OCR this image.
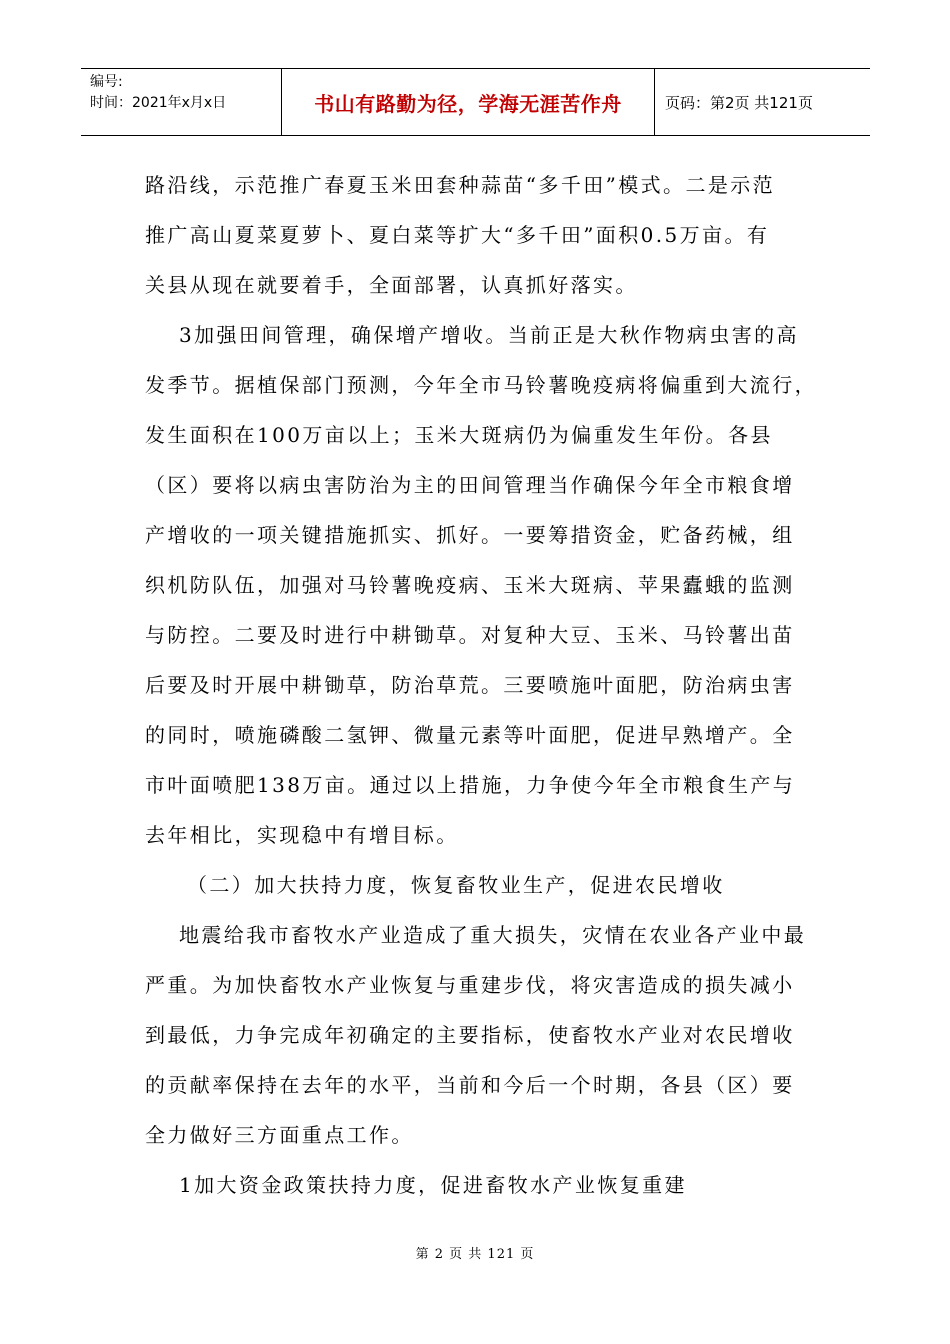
编号:
时间：2021年x月x日	书山有路勤为径，学海无涯苦作舟	页码：第2页 共121页
路沿线，示范推广春夏玉米田套种蒜苗“多千田”模式。二是示范
推广高山夏菜夏萝卜、夏白菜等扩大“多千田”面积0.5万亩。有
关县从现在就要着手，全面部署，认真抓好落实。
3加强田间管理，确保增产增收。当前正是大秋作物病虫害的高
发季节。据植保部门预测，今年全市马铃薯晚疫病将偏重到大流行，
发生面积在100万亩以上；玉米大斑病仍为偏重发生年份。各县
（区）要将以病虫害防治为主的田间管理当作确保今年全市粮食增
产增收的一项关键措施抓实、抓好。一要筹措资金，贮备药械，组
织机防队伍，加强对马铃薯晚疫病、玉米大斑病、苹果蠹蛾的监测
与防控。二要及时进行中耕锄草。对复种大豆、玉米、马铃薯出苗
后要及时开展中耕锄草，防治草荒。三要喷施叶面肥，防治病虫害
的同时，喷施磷酸二氢钾、微量元素等叶面肥，促进早熟增产。全
市叶面喷肥138万亩。通过以上措施，力争使今年全市粮食生产与
去年相比，实现稳中有增目标。
（二）加大扶持力度，恢复畜牧业生产，促进农民增收
地震给我市畜牧水产业造成了重大损失，灾情在农业各产业中最
严重。为加快畜牧水产业恢复与重建步伐，将灾害造成的损失减小
到最低，力争完成年初确定的主要指标，使畜牧水产业对农民增收
的贡献率保持在去年的水平，当前和今后一个时期，各县（区）要
全力做好三方面重点工作。
1加大资金政策扶持力度，促进畜牧水产业恢复重建
第 2 页 共 121 页
